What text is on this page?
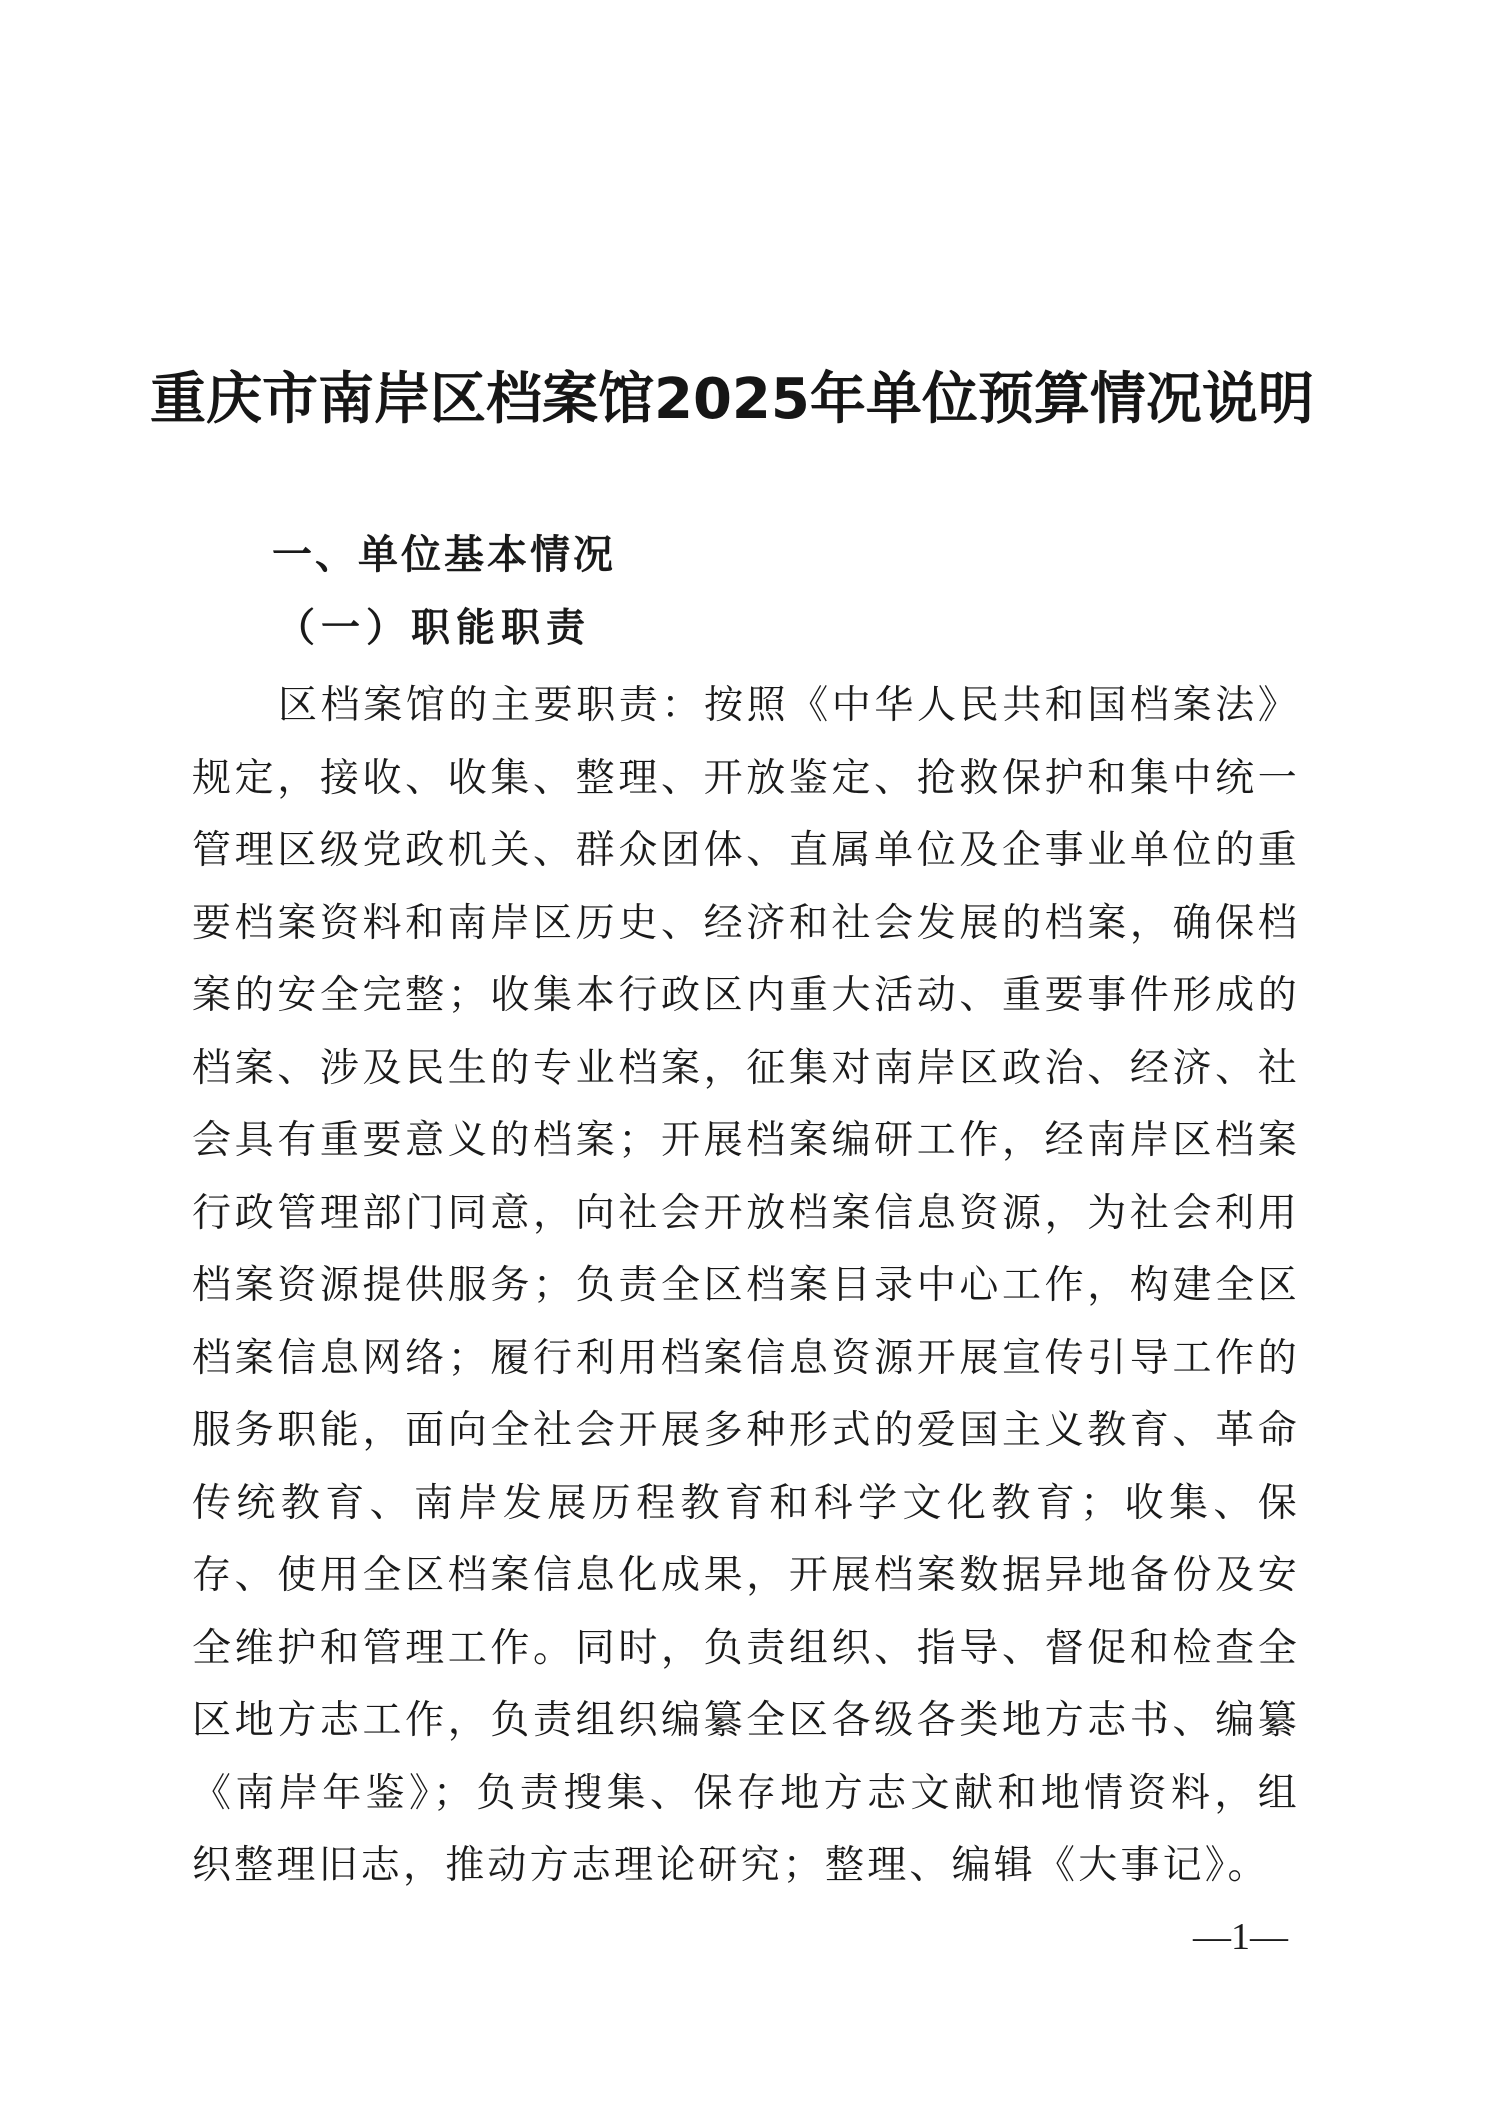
重庆市南岸区档案馆2025年单位预算情况说明
一、单位基本情况
（一）职能职责

区档案馆的主要职责：按照《中华人民共和国档案法》规定，接收、收集、整理、开放鉴定、抢救保护和集中统一管理区级党政机关、群众团体、直属单位及企事业单位的重要档案资料和南岸区历史、经济和社会发展的档案，确保档案的安全完整；收集本行政区内重大活动、重要事件形成的档案、涉及民生的专业档案，征集对南岸区政治、经济、社会具有重要意义的档案；开展档案编研工作，经南岸区档案行政管理部门同意，向社会开放档案信息资源，为社会利用档案资源提供服务；负责全区档案目录中心工作，构建全区档案信息网络；履行利用档案信息资源开展宣传引导工作的服务职能，面向全社会开展多种形式的爱国主义教育、革命传统教育、南岸发展历程教育和科学文化教育；收集、保存、使用全区档案信息化成果，开展档案数据异地备份及安全维护和管理工作。同时，负责组织、指导、督促和检查全区地方志工作，负责组织编纂全区各级各类地方志书、编纂《南岸年鉴》；负责搜集、保存地方志文献和地情资料，组织整理旧志，推动方志理论研究；整理、编辑《大事记》。

—1—
